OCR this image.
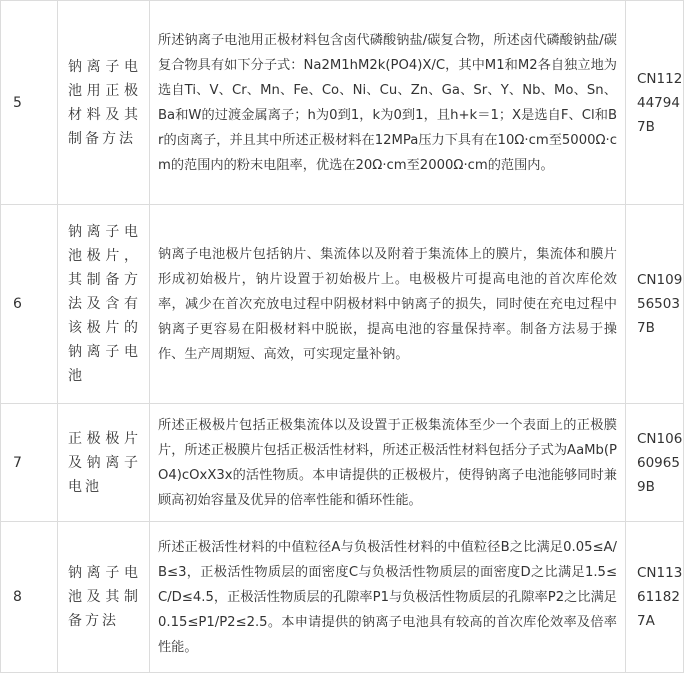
5
钠离子电池用正极材料及其制备方法
所述钠离子电池用正极材料包含卤代磷酸钠盐/碳复合物，所述卤代磷酸钠盐/碳复合物具有如下分子式：Na2M1hM2k(PO4)X/C，其中M1和M2各自独立地为选自Ti、V、Cr、Mn、Fe、Co、Ni、Cu、Zn、Ga、Sr、Y、Nb、Mo、Sn、Ba和W的过渡金属离子；h为0到1，k为0到1，且h+k＝1；X是选自F、Cl和Br的卤离子，并且其中所述正极材料在12MPa压力下具有在10Ω·cm至5000Ω·cm的范围内的粉末电阻率，优选在20Ω·cm至2000Ω·cm的范围内。
CN112447947B
6
钠离子电池极片，其制备方法及含有该极片的钠离子电池
钠离子电池极片包括钠片、集流体以及附着于集流体上的膜片，集流体和膜片形成初始极片，钠片设置于初始极片上。电极极片可提高电池的首次库伦效率，减少在首次充放电过程中阴极材料中钠离子的损失，同时使在充电过程中钠离子更容易在阳极材料中脱嵌，提高电池的容量保持率。制备方法易于操作、生产周期短、高效，可实现定量补钠。
CN109565037B
7
正极极片及钠离子电池
所述正极极片包括正极集流体以及设置于正极集流体至少一个表面上的正极膜片，所述正极膜片包括正极活性材料，所述正极活性材料包括分子式为AaMb(PO4)cOxX3x的活性物质。本申请提供的正极极片，使得钠离子电池能够同时兼顾高初始容量及优异的倍率性能和循环性能。
CN106609659B
8
钠离子电池及其制备方法
所述正极活性材料的中值粒径A与负极活性材料的中值粒径B之比满足0.05≤A/B≤3，正极活性物质层的面密度C与负极活性物质层的面密度D之比满足1.5≤C/D≤4.5，正极活性物质层的孔隙率P1与负极活性物质层的孔隙率P2之比满足0.15≤P1/P2≤2.5。本申请提供的钠离子电池具有较高的首次库伦效率及倍率性能。
CN113611827A
